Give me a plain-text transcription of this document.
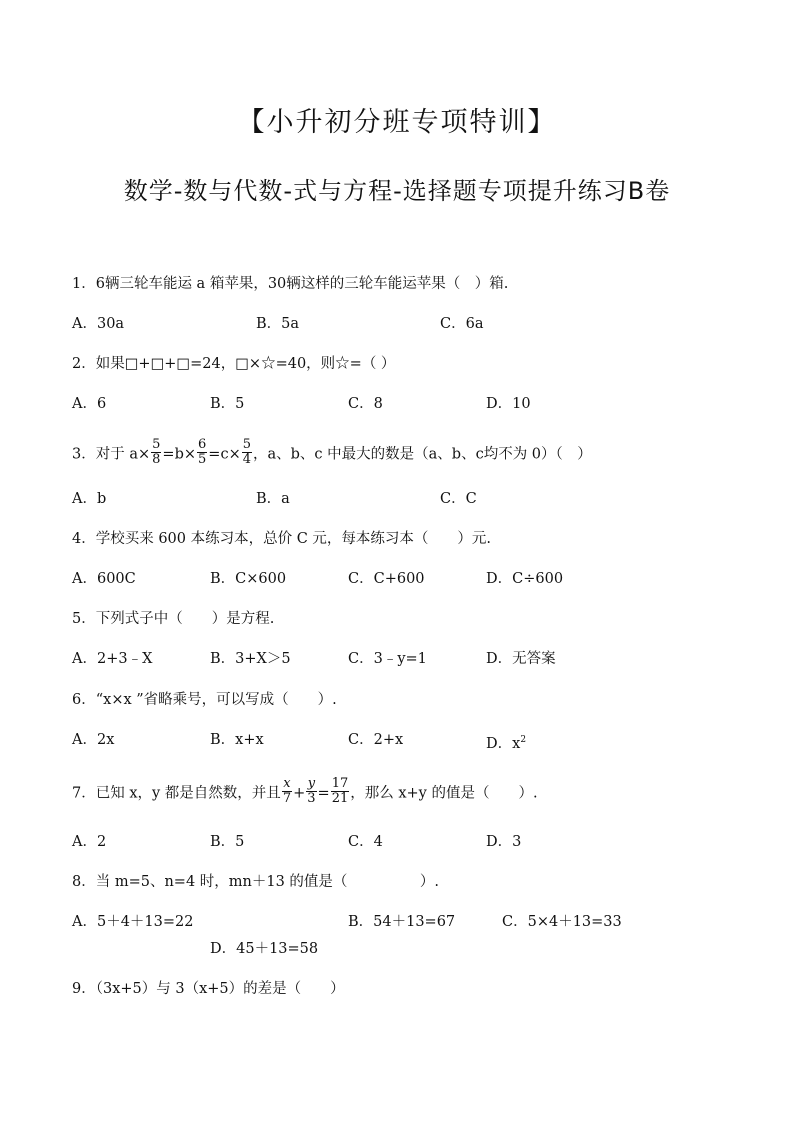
【小升初分班专项特训】
数学-数与代数-式与方程-选择题专项提升练习B卷
1．6辆三轮车能运 a 箱苹果，30辆这样的三轮车能运苹果（　）箱.
A．30a	B．5a	C．6a
2．如果□+□+□=24，□×☆=40，则☆=（ ）
A．6	B．5	C．8	D．10
3．对于 $a\times \frac{5}{8} =b\times \frac{6}{5} =c\times \frac{5}{4}$ ，a、b、c 中最大的数是（a、b、c均不为 0）（　）
A．b	B．a	C．C
4．学校买来 600 本练习本，总价 C 元，每本练习本（　　）元.
A．600C	B．C×600	C．C+600	D．C÷600
5．下列式子中（　　）是方程.
A．2+3﹣X	B．3+X＞5	C．3﹣y=1	D．无答案
6．“x×x ”省略乘号，可以写成（　　）.
A．2x	B．x+x	C．2+x	D．$x^2$
7．已知 x，y 都是自然数，并且 $\frac{x}{7} + \frac{y}{3} = \frac{17}{21}$ ，那么 x+y 的值是（　　）.
A．2	B．5	C．4	D．3
8．当 m=5、n=4 时，mn＋13 的值是（　　　　　）.
A．5＋4＋13=22	B．54＋13=67	C．5×4＋13=33
D．45＋13=58
9．（3x+5）与 3（x+5）的差是（　　）
